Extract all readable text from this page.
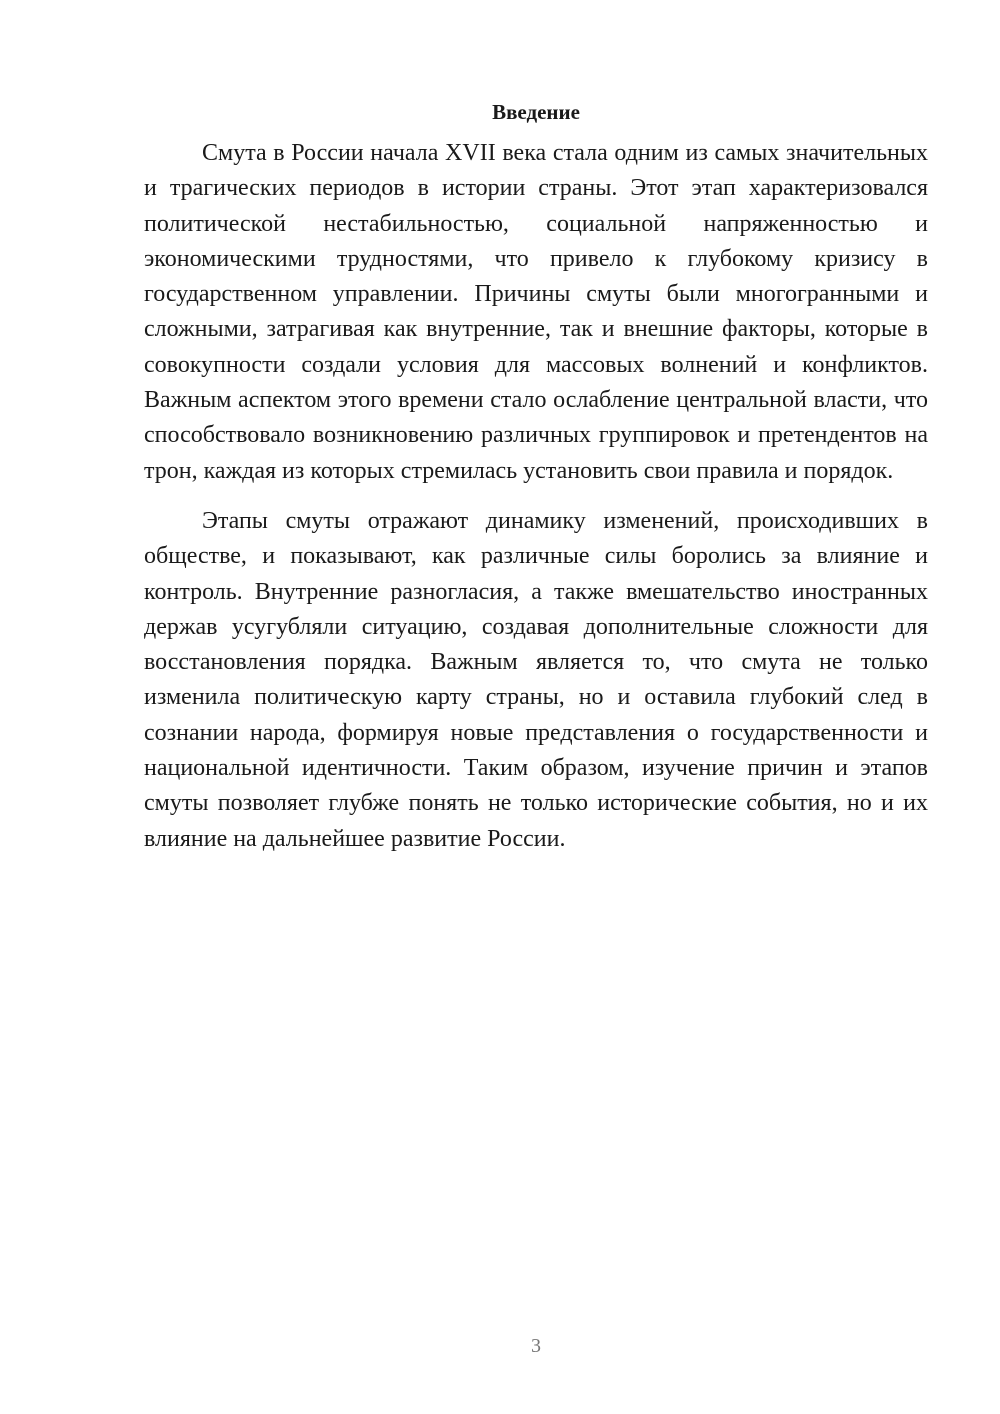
Введение

Смута в России начала XVII века стала одним из самых значительных и трагических периодов в истории страны. Этот этап характеризовался политической нестабильностью, социальной напряженностью и экономическими трудностями, что привело к глубокому кризису в государственном управлении. Причины смуты были многогранными и сложными, затрагивая как внутренние, так и внешние факторы, которые в совокупности создали условия для массовых волнений и конфликтов. Важным аспектом этого времени стало ослабление центральной власти, что способствовало возникновению различных группировок и претендентов на трон, каждая из которых стремилась установить свои правила и порядок.

Этапы смуты отражают динамику изменений, происходивших в обществе, и показывают, как различные силы боролись за влияние и контроль. Внутренние разногласия, а также вмешательство иностранных держав усугубляли ситуацию, создавая дополнительные сложности для восстановления порядка. Важным является то, что смута не только изменила политическую карту страны, но и оставила глубокий след в сознании народа, формируя новые представления о государственности и национальной идентичности. Таким образом, изучение причин и этапов смуты позволяет глубже понять не только исторические события, но и их влияние на дальнейшее развитие России.

3
